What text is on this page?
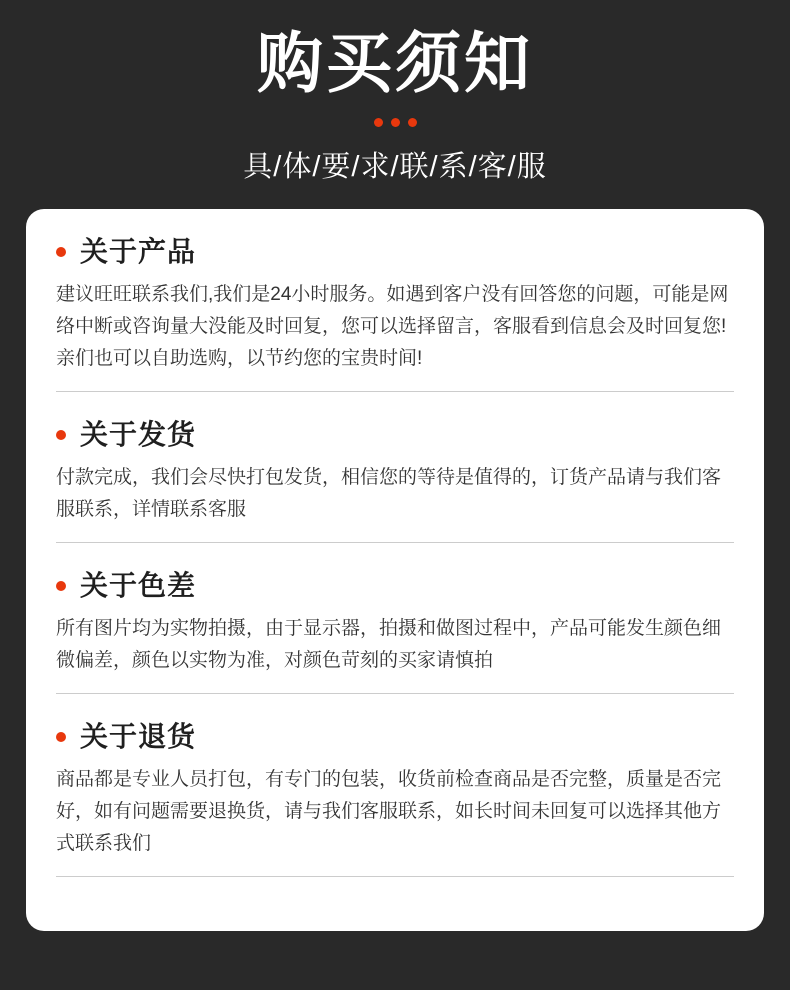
购买须知
具/体/要/求/联/系/客/服
关于产品

建议旺旺联系我们,我们是24小时服务。如遇到客户没有回答您的问题，可能是网络中断或咨询量大没能及时回复，您可以选择留言，客服看到信息会及时回复您!亲们也可以自助选购，以节约您的宝贵时间!

关于发货

付款完成，我们会尽快打包发货，相信您的等待是值得的，订货产品请与我们客服联系，详情联系客服

关于色差

所有图片均为实物拍摄，由于显示器，拍摄和做图过程中，产品可能发生颜色细微偏差，颜色以实物为准，对颜色苛刻的买家请慎拍

关于退货

商品都是专业人员打包，有专门的包装，收货前检查商品是否完整，质量是否完好，如有问题需要退换货，请与我们客服联系，如长时间未回复可以选择其他方式联系我们
